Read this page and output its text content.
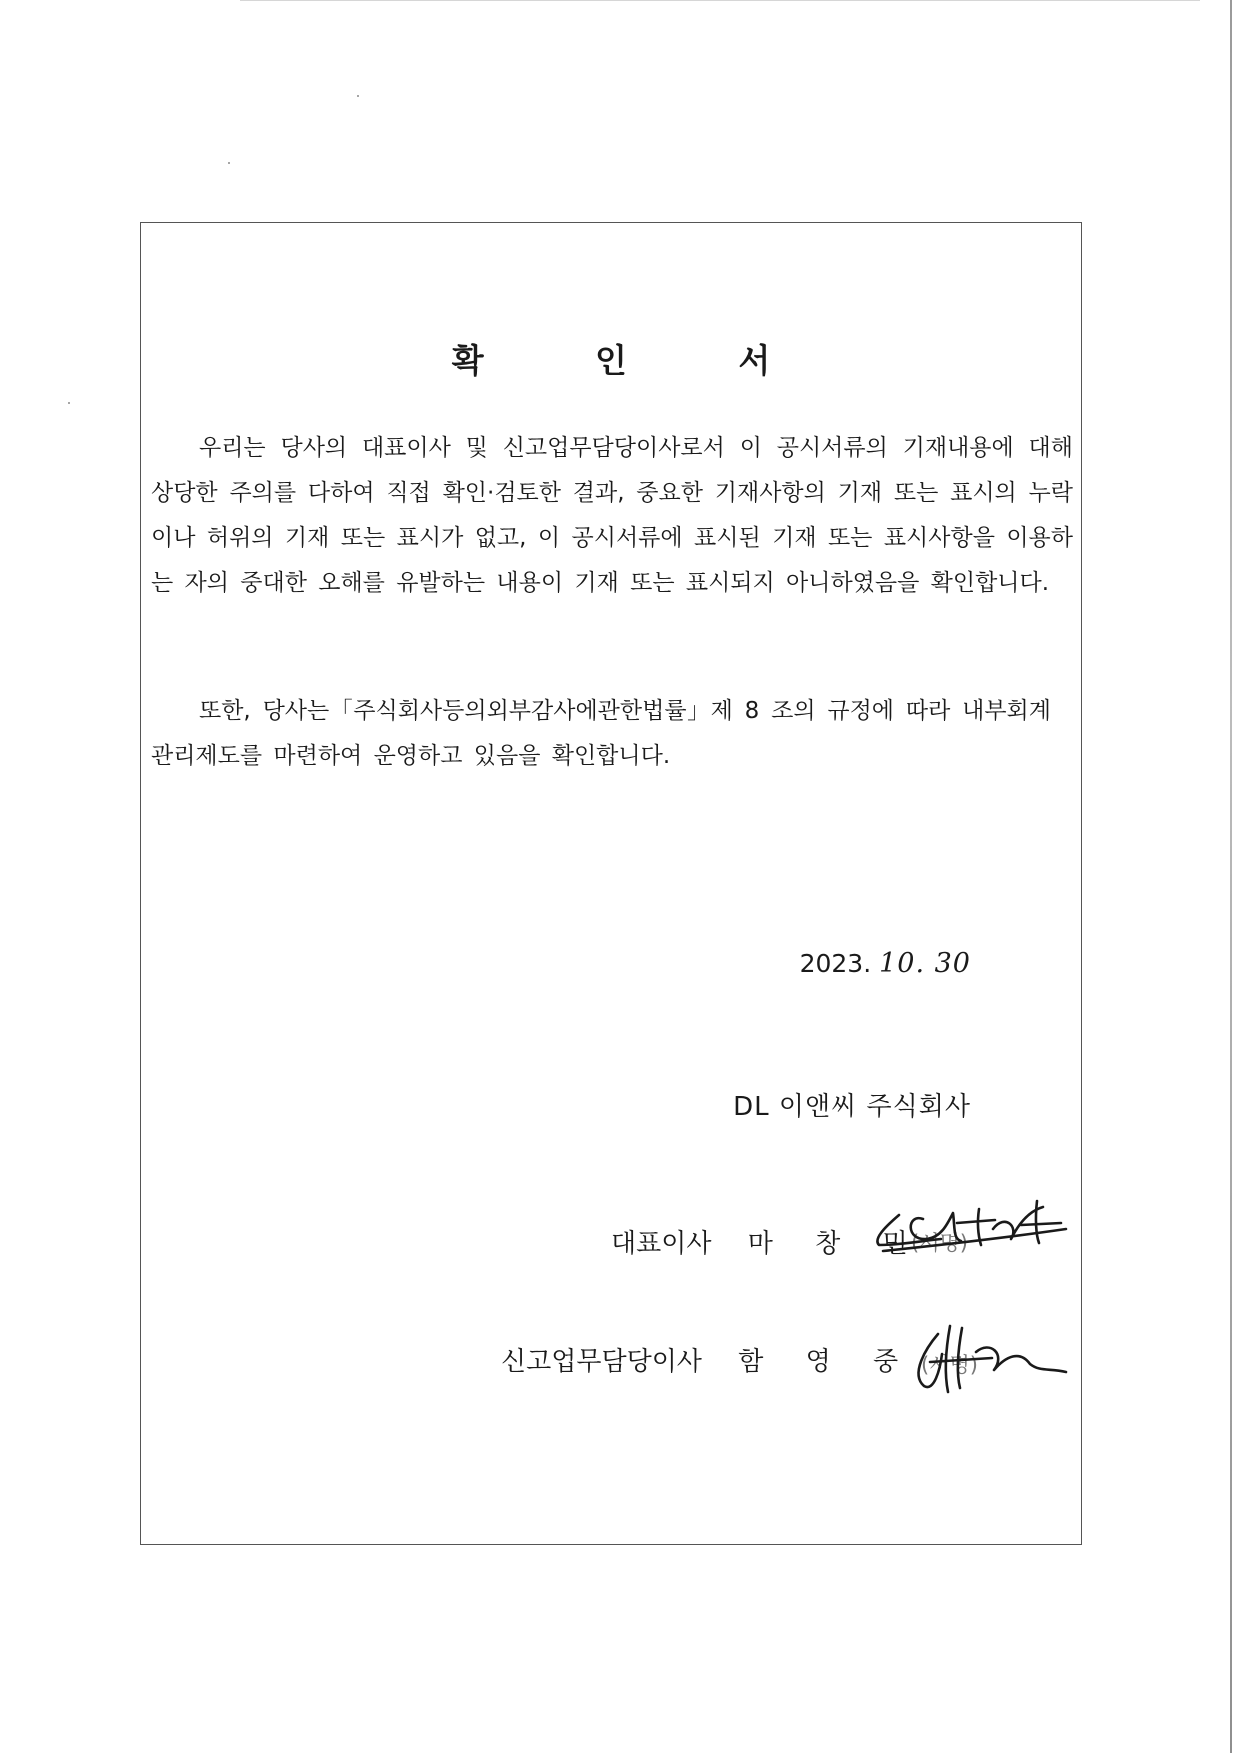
확 인 서

우리는 당사의 대표이사 및 신고업무담당이사로서 이 공시서류의 기재내용에 대해 상당한 주의를 다하여 직접 확인·검토한 결과, 중요한 기재사항의 기재 또는 표시의 누락이나 허위의 기재 또는 표시가 없고, 이 공시서류에 표시된 기재 또는 표시사항을 이용하는 자의 중대한 오해를 유발하는 내용이 기재 또는 표시되지 아니하였음을 확인합니다.

또한, 당사는「주식회사등의외부감사에관한법률」제 8 조의 규정에 따라 내부회계관리제도를 마련하여 운영하고 있음을 확인합니다.

2023. 10. 30
DL 이앤씨 주식회사
대표이사 마 창 민
(서명)
신고업무담당이사 함 영 중 (서명)
